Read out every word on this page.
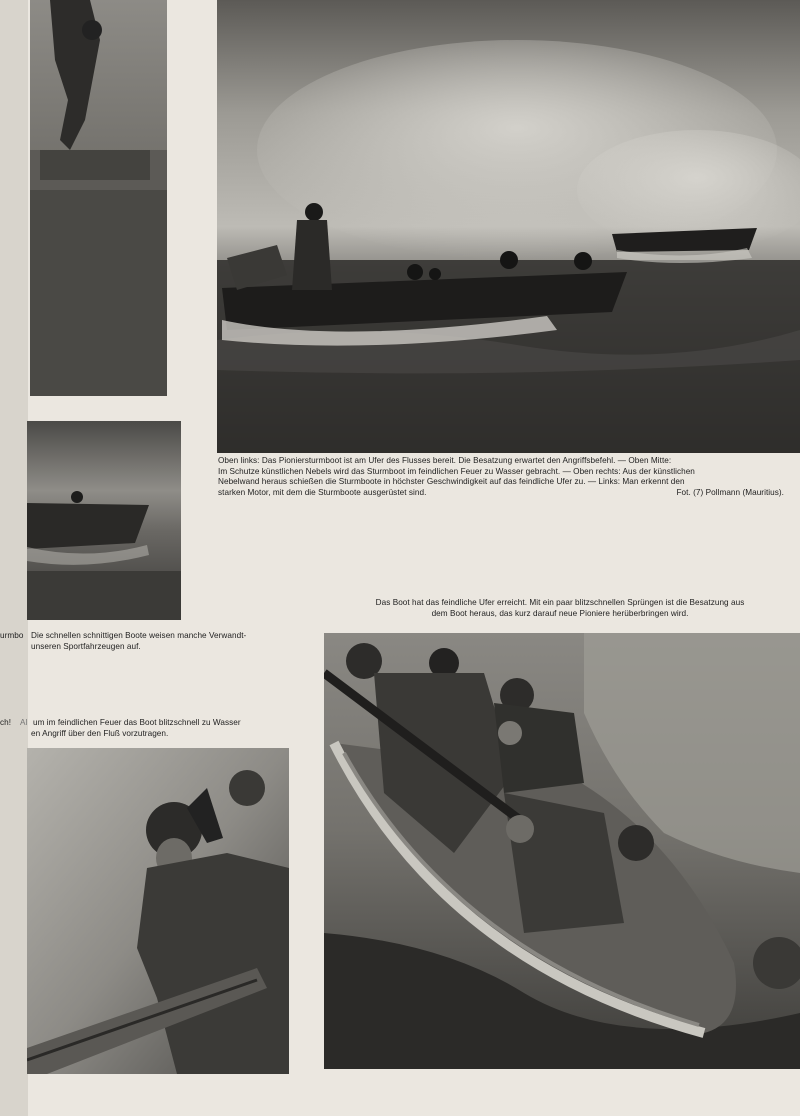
Oben links: Das Pioniersturmboot ist am Ufer des Flusses bereit. Die Besatzung erwartet den Angriffsbefehl. — Oben Mitte:
Im Schutze künstlichen Nebels wird das Sturmboot im feindlichen Feuer zu Wasser gebracht. — Oben rechts: Aus der künstlichen
Nebelwand heraus schießen die Sturmboote in höchster Geschwindigkeit auf das feindliche Ufer zu. — Links: Man erkennt den
starken Motor, mit dem die Sturmboote ausgerüstet sind.	Fot. (7) Pollmann (Mauritius).
urmbo Die schnellen schnittigen Boote weisen manche Verwandt-
unseren Sportfahrzeugen auf.
ch!	Al um im feindlichen Feuer das Boot blitzschnell zu Wasser
en Angriff über den Fluß vorzutragen.
Das Boot hat das feindliche Ufer erreicht. Mit ein paar blitzschnellen Sprüngen ist die Besatzung aus
dem Boot heraus, das kurz darauf neue Pioniere herüberbringen wird.
